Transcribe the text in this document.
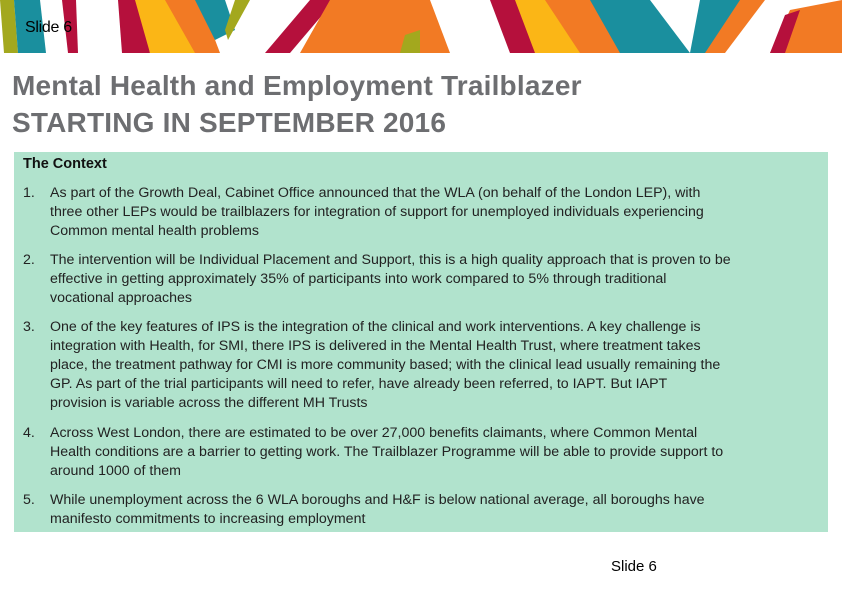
Slide 6
Mental Health and Employment Trailblazer
STARTING IN SEPTEMBER 2016
The Context
1. As part of the Growth Deal, Cabinet Office announced that the WLA (on behalf of the London LEP), with
three other LEPs would be trailblazers for integration of support for unemployed individuals experiencing
Common mental health problems
2. The intervention will be Individual Placement and Support, this is a high quality approach that is proven to be
effective in getting approximately 35% of participants into work compared to 5% through traditional
vocational approaches
3. One of the key features of IPS is the integration of the clinical and work interventions. A key challenge is
integration with Health, for SMI, there IPS is delivered in the Mental Health Trust, where treatment takes
place, the treatment pathway for CMI is more community based; with the clinical lead usually remaining the
GP. As part of the trial participants will need to refer, have already been referred, to IAPT. But IAPT
provision is variable across the different MH Trusts
4. Across West London, there are estimated to be over 27,000 benefits claimants, where Common Mental
Health conditions are a barrier to getting work. The Trailblazer Programme will be able to provide support to
around 1000 of them
5. While unemployment across the 6 WLA boroughs and H&F is below national average, all boroughs have
manifesto commitments to increasing employment
Slide 6
